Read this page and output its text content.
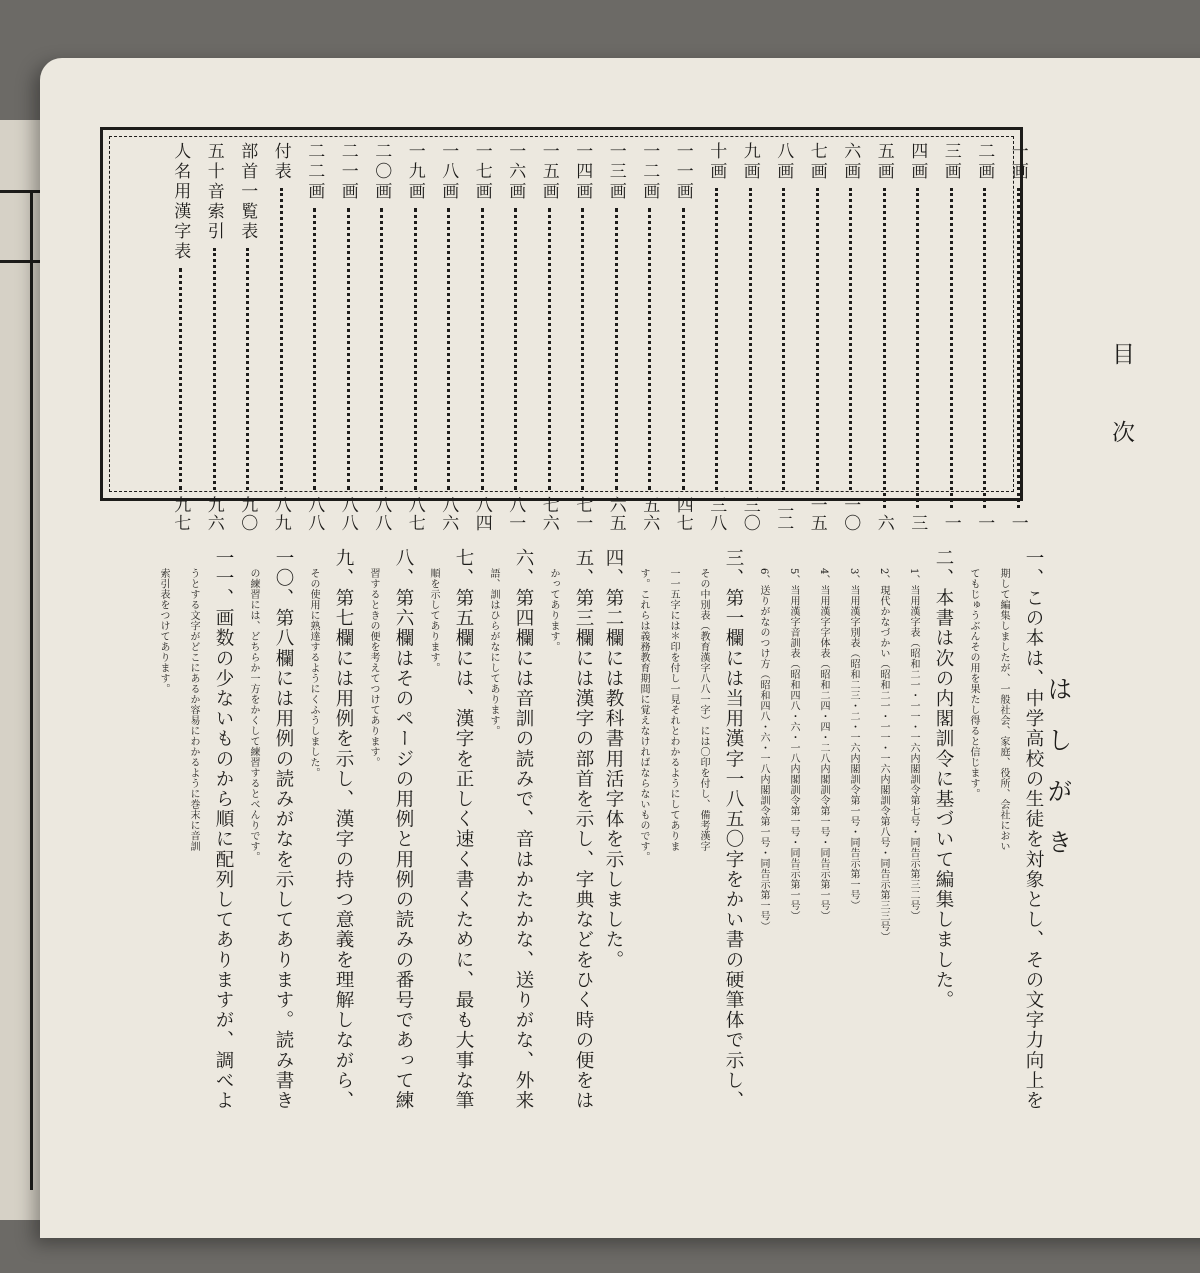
目次
一画
一
二画
一
三画
一
四画
三
五画
六
六画
一〇
七画
一五
八画
二二
九画
三〇
十画
三八
一一画
四七
一二画
五六
一三画
六五
一四画
七一
一五画
七六
一六画
八一
一七画
八四
一八画
八六
一九画
八七
二〇画
八八
二一画
八八
二二画
八八
付表
八九
部首一覧表
九〇
五十音索引
九六
人名用漢字表
九七
はしがき
一、この本は、中学高校の生徒を対象とし、その文字力向上を
期して編集しましたが、一般社会、家庭、役所、会社におい
てもじゅうぶんその用を果たし得ると信じます。
二、本書は次の内閣訓令に基づいて編集しました。
1、当用漢字表（昭和二一・一一・一六内閣訓令第七号・同告示第三二号）
2、現代かなづかい（昭和二一・一一・一六内閣訓令第八号・同告示第三三号）
3、当用漢字別表（昭和二三・二・一六内閣訓令第一号・同告示第一号）
4、当用漢字字体表（昭和二四・四・二八内閣訓令第一号・同告示第一号）
5、当用漢字音訓表（昭和四八・六・一八内閣訓令第一号・同告示第一号）
6、送りがなのつけ方（昭和四八・六・一八内閣訓令第一号・同告示第一号）
三、第一欄には当用漢字一八五〇字をかい書の硬筆体で示し、
その中別表（教育漢字八八一字）には〇印を付し、備考漢字
一一五字には＊印を付し一見それとわかるようにしてありま
す。これらは義務教育期間に覚えなければならないものです。
四、第二欄には教科書用活字体を示しました。
五、第三欄には漢字の部首を示し、字典などをひく時の便をは
かってあります。
六、第四欄には音訓の読みで、音はかたかな、送りがな、外来
語、訓はひらがなにしてあります。
七、第五欄には、漢字を正しく速く書くために、最も大事な筆
順を示してあります。
八、第六欄はそのページの用例と用例の読みの番号であって練
習するときの便を考えてつけてあります。
九、第七欄には用例を示し、漢字の持つ意義を理解しながら、
その使用に熟達するようにくふうしました。
一〇、第八欄には用例の読みがなを示してあります。読み書き
の練習には、どちらか一方をかくして練習するとべんりです。
一一、画数の少ないものから順に配列してありますが、調べよ
うとする文字がどこにあるか容易にわかるように巻末に音訓
索引表をつけてあります。
